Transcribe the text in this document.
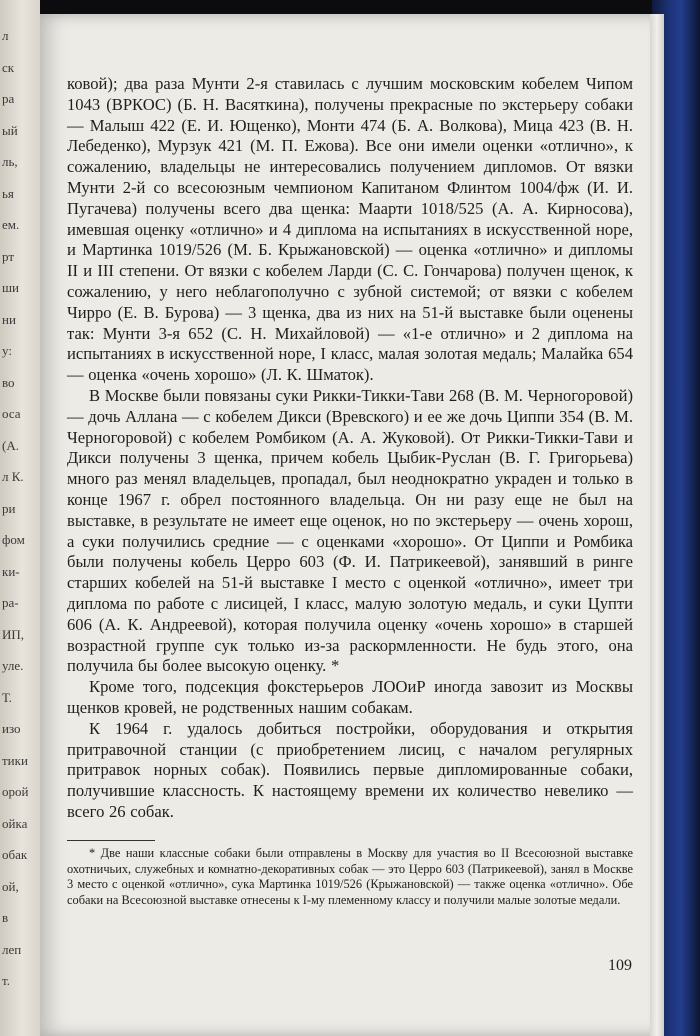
л
ск
ра
ый
ль,
ья
ем.
рт
ши
ни
у:
во
оса
(А.
л К.
ри
фом
ки-
ра-
ИП,
уле.
Т.
изо
тики
орой
ойка
обак
ой,
в
леп
т.

ковой); два раза Мунти 2-я ставилась с лучшим московским кобелем Чипом 1043 (ВРКОС) (Б. Н. Васяткина), получены прекрасные по экстерьеру собаки — Малыш 422 (Е. И. Ющенко), Монти 474 (Б. А. Волкова), Мица 423 (В. Н. Лебеденко), Мурзук 421 (М. П. Ежова). Все они имели оценки «отлично», к сожалению, владельцы не интересовались получением дипломов. От вязки Мунти 2-й со всесоюзным чемпионом Капитаном Флинтом 1004/фж (И. И. Пугачева) получены всего два щенка: Маарти 1018/525 (А. А. Кирносова), имевшая оценку «отлично» и 4 диплома на испытаниях в искусственной норе, и Мартинка 1019/526 (М. Б. Крыжановской) — оценка «отлично» и дипломы II и III степени. От вязки с кобелем Ларди (С. С. Гончарова) получен щенок, к сожалению, у него неблагополучно с зубной системой; от вязки с кобелем Чирро (Е. В. Бурова) — 3 щенка, два из них на 51-й выставке были оценены так: Мунти 3-я 652 (С. Н. Михайловой) — «1-е отлично» и 2 диплома на испытаниях в искусственной норе, I класс, малая золотая медаль; Малайка 654 — оценка «очень хорошо» (Л. К. Шматок).

В Москве были повязаны суки Рикки-Тикки-Тави 268 (В. М. Черногоровой) — дочь Аллана — с кобелем Дикси (Вревского) и ее же дочь Циппи 354 (В. М. Черногоровой) с кобелем Ромбиком (А. А. Жуковой). От Рикки-Тикки-Тави и Дикси получены 3 щенка, причем кобель Цыбик-Руслан (В. Г. Григорьева) много раз менял владельцев, пропадал, был неоднократно украден и только в конце 1967 г. обрел постоянного владельца. Он ни разу еще не был на выставке, в результате не имеет еще оценок, но по экстерьеру — очень хорош, а суки получились средние — с оценками «хорошо». От Циппи и Ромбика были получены кобель Церро 603 (Ф. И. Патрикеевой), занявший в ринге старших кобелей на 51-й выставке I место с оценкой «отлично», имеет три диплома по работе с лисицей, I класс, малую золотую медаль, и суки Цупти 606 (А. К. Андреевой), которая получила оценку «очень хорошо» в старшей возрастной группе сук только из-за раскормленности. Не будь этого, она получила бы более высокую оценку. *

Кроме того, подсекция фокстерьеров ЛООиР иногда завозит из Москвы щенков кровей, не родственных нашим собакам.

К 1964 г. удалось добиться постройки, оборудования и открытия притравочной станции (с приобретением лисиц, с началом регулярных притравок норных собак). Появились первые дипломированные собаки, получившие классность. К настоящему времени их количество невелико — всего 26 собак.

* Две наши классные собаки были отправлены в Москву для участия во II Всесоюзной выставке охотничьих, служебных и комнатно-декоративных собак — это Церро 603 (Патрикеевой), занял в Москве 3 место с оценкой «отлично», сука Мартинка 1019/526 (Крыжановской) — также оценка «отлично». Обе собаки на Всесоюзной выставке отнесены к I-му племенному классу и получили малые золотые медали.

109
